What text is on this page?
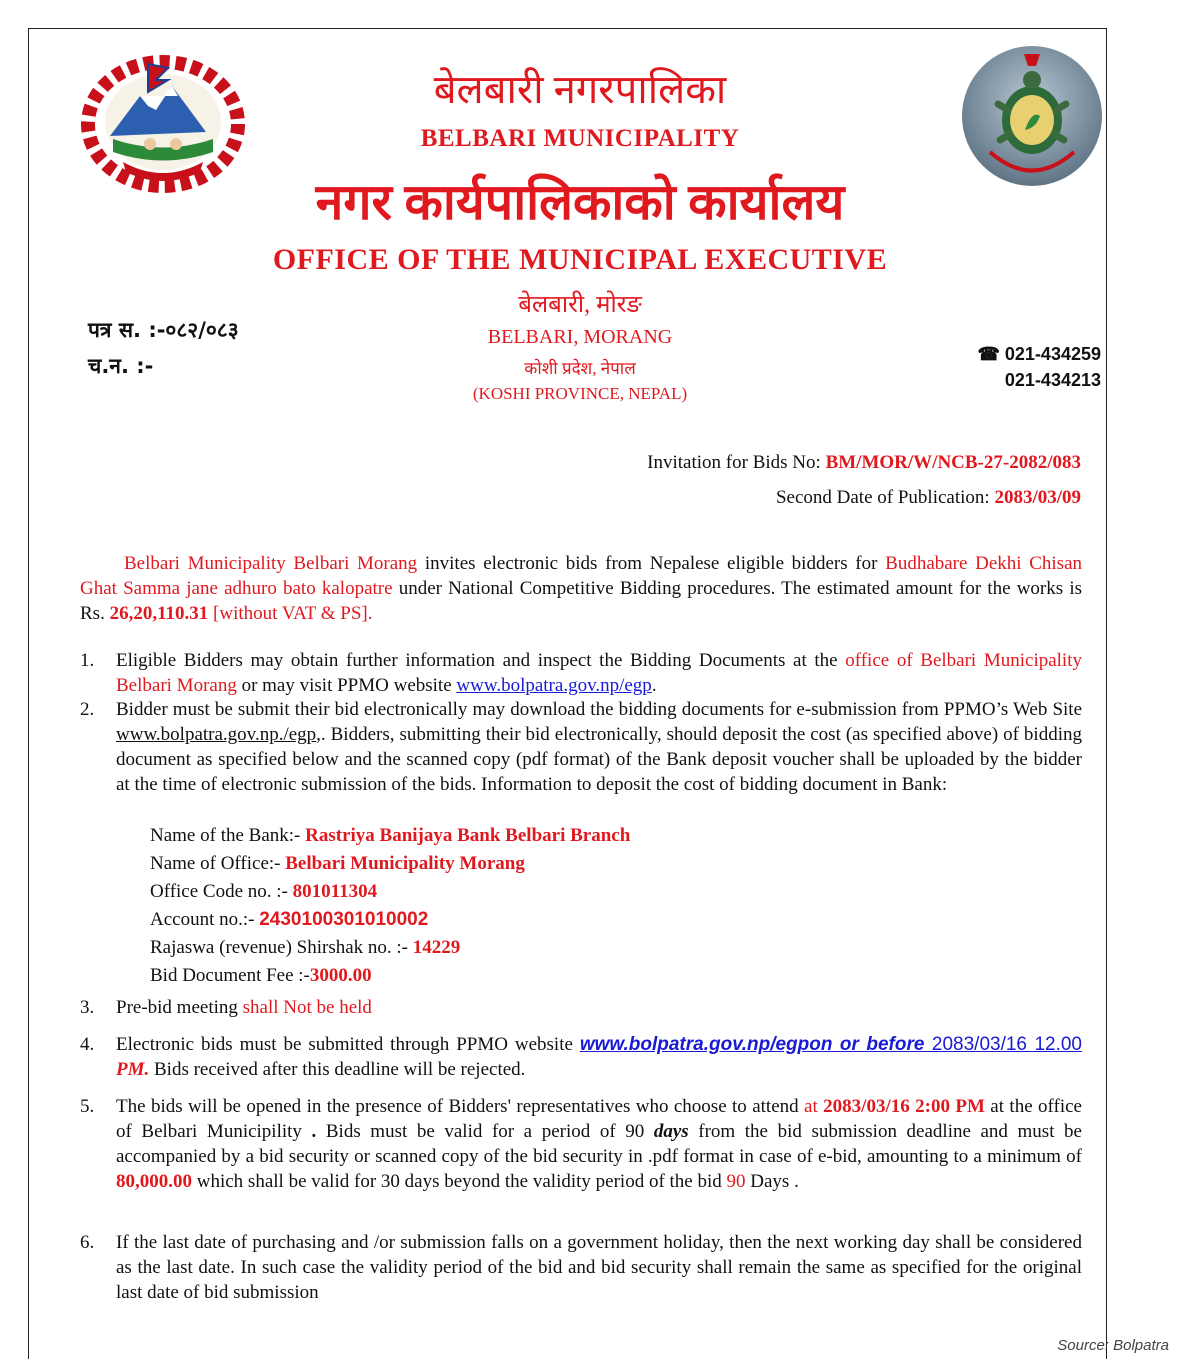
बेलबारी नगरपालिका
BELBARI MUNICIPALITY
नगर कार्यपालिकाको कार्यालय
OFFICE OF THE MUNICIPAL EXECUTIVE
बेलबारी, मोरङ
BELBARI, MORANG
कोशी प्रदेश, नेपाल
(KOSHI PROVINCE, NEPAL)
पत्र स. :-०८२/०८३
च.न. :-	☎ 021-434259
021-434213
Invitation for Bids No: BM/MOR/W/NCB-27-2082/083
Second Date of Publication: 2083/03/09
Belbari Municipality Belbari Morang invites electronic bids from Nepalese eligible bidders for Budhabare Dekhi Chisan Ghat Samma jane adhuro bato kalopatre under National Competitive Bidding procedures. The estimated amount for the works is Rs. 26,20,110.31 [without VAT & PS].
1.	Eligible Bidders may obtain further information and inspect the Bidding Documents at the office of Belbari Municipality Belbari Morang or may visit PPMO website www.bolpatra.gov.np/egp.
2.	Bidder must be submit their bid electronically may download the bidding documents for e-submission from PPMO’s Web Site www.bolpatra.gov.np./egp,. Bidders, submitting their bid electronically, should deposit the cost (as specified above) of bidding document as specified below and the scanned copy (pdf format) of the Bank deposit voucher shall be uploaded by the bidder at the time of electronic submission of the bids. Information to deposit the cost of bidding document in Bank:
Name of the Bank:- Rastriya Banijaya Bank Belbari Branch
Name of Office:- Belbari Municipality Morang
Office Code no. :- 801011304
Account no.:- 2430100301010002
Rajaswa (revenue) Shirshak no. :- 14229
Bid Document Fee :-3000.00
3.	Pre-bid meeting shall Not be held
4.	Electronic bids must be submitted through PPMO website www.bolpatra.gov.np/egpon or before 2083/03/16 12.00 PM. Bids received after this deadline will be rejected.
5.	The bids will be opened in the presence of Bidders' representatives who choose to attend at 2083/03/16 2:00 PM at the office of Belbari Municipility . Bids must be valid for a period of 90 days from the bid submission deadline and must be accompanied by a bid security or scanned copy of the bid security in .pdf format in case of e-bid, amounting to a minimum of 80,000.00 which shall be valid for 30 days beyond the validity period of the bid 90 Days .
6.	If the last date of purchasing and /or submission falls on a government holiday, then the next working day shall be considered as the last date. In such case the validity period of the bid and bid security shall remain the same as specified for the original last date of bid submission
Source: Bolpatra
